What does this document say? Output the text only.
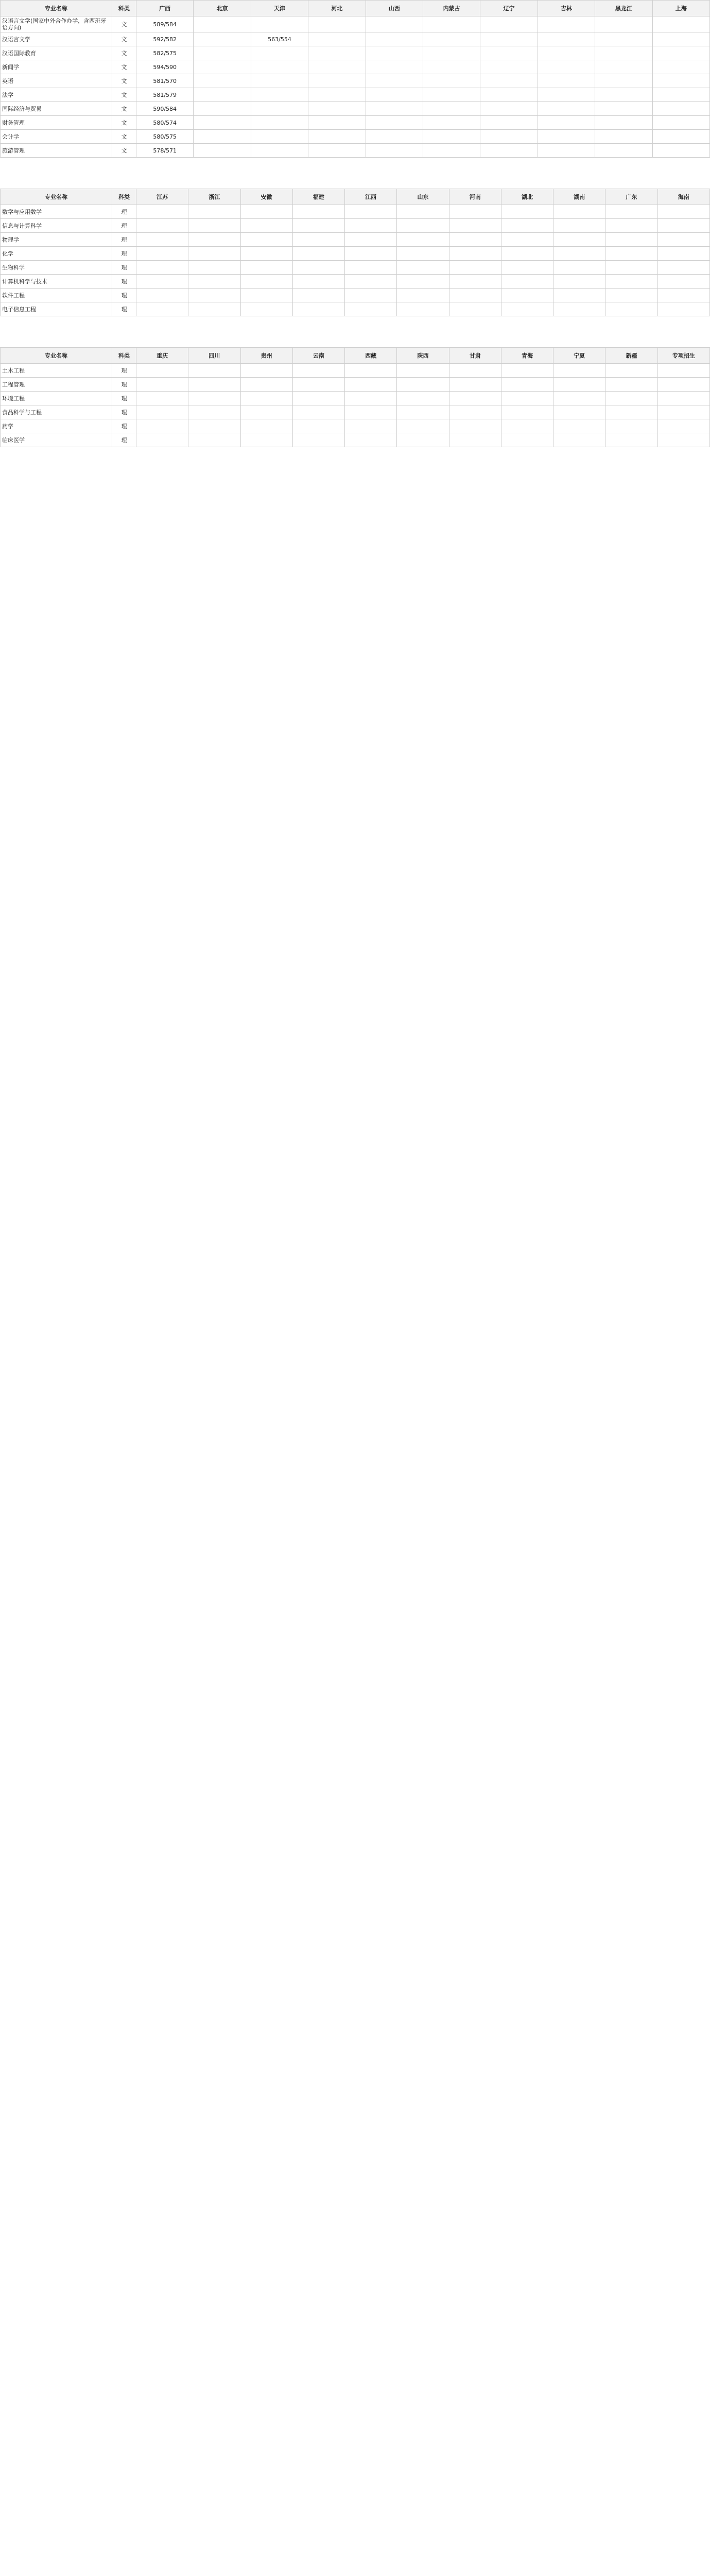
专业名称	科类	广西	北京	天津	河北	山西	内蒙古	辽宁	吉林	黑龙江	上海
汉语言文学(国家中外合作办学，含西班牙语方向)	文	589/584									
汉语言文学	文	592/582		563/554							
汉语国际教育	文	582/575									
新闻学	文	594/590									
英语	文	581/570									
法学	文	581/579									
国际经济与贸易	文	590/584									
财务管理	文	580/574									
会计学	文	580/575									
旅游管理	文	578/571									
专业名称	科类	江苏	浙江	安徽	福建	江西	山东	河南	湖北	湖南	广东	海南
数学与应用数学	理											
信息与计算科学	理											
物理学	理											
化学	理											
生物科学	理											
计算机科学与技术	理											
软件工程	理											
电子信息工程	理											
专业名称	科类	重庆	四川	贵州	云南	西藏	陕西	甘肃	青海	宁夏	新疆	专项招生
土木工程	理											
工程管理	理											
环境工程	理											
食品科学与工程	理											
药学	理											
临床医学	理											
